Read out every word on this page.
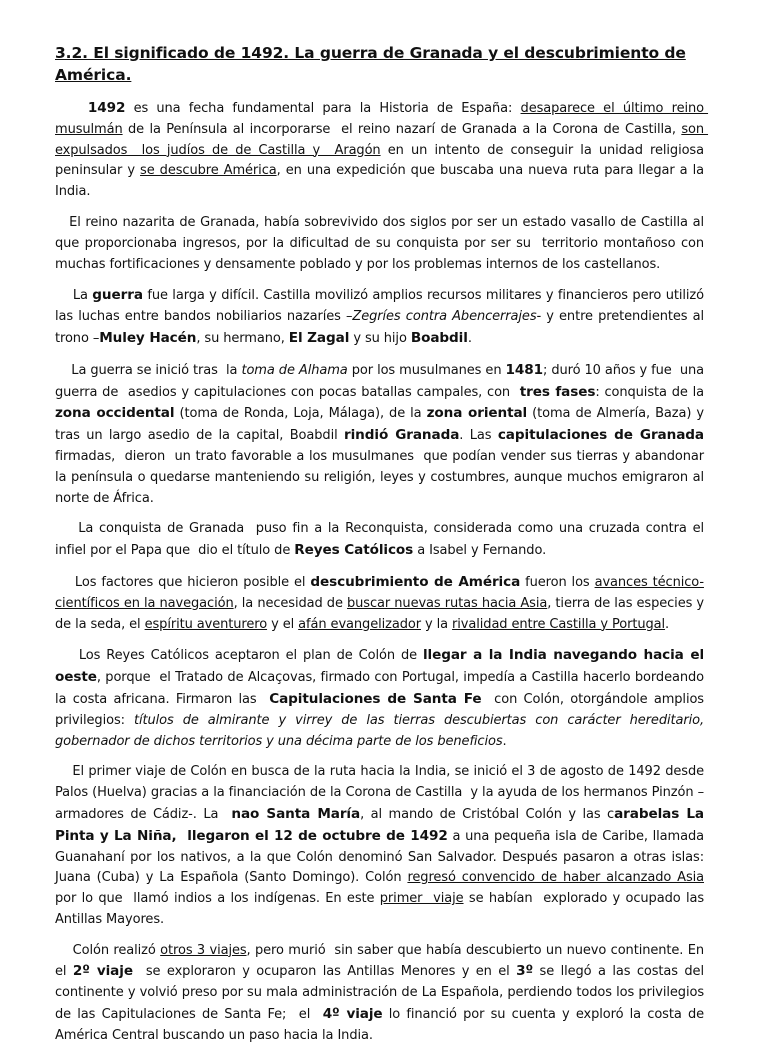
3.2. El significado de 1492. La guerra de Granada y el descubrimiento de América.

1492 es una fecha fundamental para la Historia de España: desaparece el último reino musulmán de la Península al incorporarse  el reino nazarí de Granada a la Corona de Castilla, son expulsados  los judíos de de Castilla y  Aragón en un intento de conseguir la unidad religiosa  peninsular y se descubre América, en una expedición que buscaba una nueva ruta para llegar a la India.

El reino nazarita de Granada, había sobrevivido dos siglos por ser un estado vasallo de Castilla al que proporcionaba ingresos, por la dificultad de su conquista por ser su  territorio montañoso con muchas fortificaciones y densamente poblado y por los problemas internos de los castellanos.

La guerra fue larga y difícil. Castilla movilizó amplios recursos militares y financieros pero utilizó las luchas entre bandos nobiliarios nazaríes –Zegríes contra Abencerrajes- y entre pretendientes al trono –Muley Hacén, su hermano, El Zagal y su hijo Boabdil.

La guerra se inició tras  la toma de Alhama por los musulmanes en 1481; duró 10 años y fue  una guerra de  asedios y capitulaciones con pocas batallas campales, con  tres fases: conquista de la zona occidental (toma de Ronda, Loja, Málaga), de la zona oriental (toma de Almería, Baza) y  tras un largo asedio de la capital, Boabdil rindió Granada. Las capitulaciones de Granada  firmadas,  dieron  un trato favorable a los musulmanes  que podían vender sus tierras y abandonar la península o quedarse manteniendo su religión, leyes y costumbres, aunque muchos emigraron al norte de África.

La conquista de Granada  puso fin a la Reconquista, considerada como una cruzada contra el infiel por el Papa que  dio el título de Reyes Católicos a Isabel y Fernando.

Los factores que hicieron posible el descubrimiento de América fueron los avances técnico-científicos en la navegación, la necesidad de buscar nuevas rutas hacia Asia, tierra de las especies y de la seda, el espíritu aventurero y el afán evangelizador y la rivalidad entre Castilla y Portugal.

Los Reyes Católicos aceptaron el plan de Colón de llegar a la India navegando hacia el oeste, porque  el Tratado de Alcaçovas, firmado con Portugal, impedía a Castilla hacerlo bordeando la costa africana. Firmaron las  Capitulaciones de Santa Fe  con Colón, otorgándole amplios privilegios: títulos de almirante y virrey de las tierras descubiertas con carácter hereditario, gobernador de dichos territorios y una décima parte de los beneficios.

El primer viaje de Colón en busca de la ruta hacia la India, se inició el 3 de agosto de 1492 desde Palos (Huelva) gracias a la financiación de la Corona de Castilla  y la ayuda de los hermanos Pinzón –armadores de Cádiz-. La  nao Santa María, al mando de Cristóbal Colón y las carabelas La Pinta y La Niña,  llegaron el 12 de octubre de 1492 a una pequeña isla de Caribe, llamada Guanahaní por los nativos, a la que Colón denominó San Salvador. Después pasaron a otras islas: Juana (Cuba) y La Española (Santo Domingo). Colón regresó convencido de haber alcanzado Asia por lo que  llamó indios a los indígenas. En este primer  viaje se habían  explorado y ocupado las Antillas Mayores.

Colón realizó otros 3 viajes, pero murió  sin saber que había descubierto un nuevo continente. En el 2º viaje  se exploraron y ocuparon las Antillas Menores y en el 3º se llegó a las costas del continente y volvió preso por su mala administración de La Española, perdiendo todos los privilegios de las Capitulaciones de Santa Fe;  el  4º viaje lo financió por su cuenta y exploró la costa de América Central buscando un paso hacia la India.
